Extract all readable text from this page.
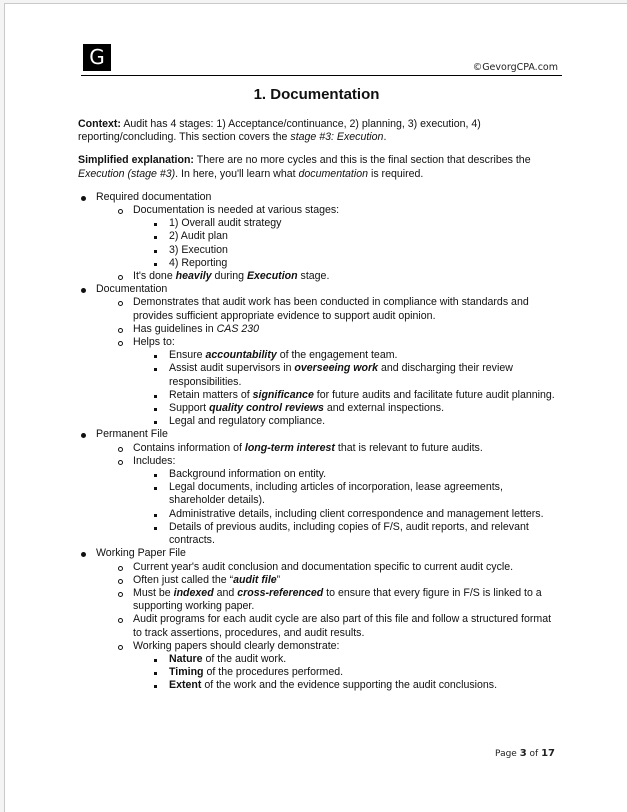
G	©GevorgCPA.com
1. Documentation

Context: Audit has 4 stages: 1) Acceptance/continuance, 2) planning, 3) execution, 4) reporting/concluding. This section covers the stage #3: Execution.

Simplified explanation: There are no more cycles and this is the final section that describes the Execution (stage #3). In here, you'll learn what documentation is required.

Required documentation
Documentation is needed at various stages:
1) Overall audit strategy
2) Audit plan
3) Execution
4) Reporting
It's done heavily during Execution stage.
Documentation
Demonstrates that audit work has been conducted in compliance with standards and provides sufficient appropriate evidence to support audit opinion.
Has guidelines in CAS 230
Helps to:
Ensure accountability of the engagement team.
Assist audit supervisors in overseeing work and discharging their review responsibilities.
Retain matters of significance for future audits and facilitate future audit planning.
Support quality control reviews and external inspections.
Legal and regulatory compliance.
Permanent File
Contains information of long-term interest that is relevant to future audits.
Includes:
Background information on entity.
Legal documents, including articles of incorporation, lease agreements, shareholder details).
Administrative details, including client correspondence and management letters.
Details of previous audits, including copies of F/S, audit reports, and relevant contracts.
Working Paper File
Current year's audit conclusion and documentation specific to current audit cycle.
Often just called the “audit file”
Must be indexed and cross-referenced to ensure that every figure in F/S is linked to a supporting working paper.
Audit programs for each audit cycle are also part of this file and follow a structured format to track assertions, procedures, and audit results.
Working papers should clearly demonstrate:
Nature of the audit work.
Timing of the procedures performed.
Extent of the work and the evidence supporting the audit conclusions.
Page 3 of 17
